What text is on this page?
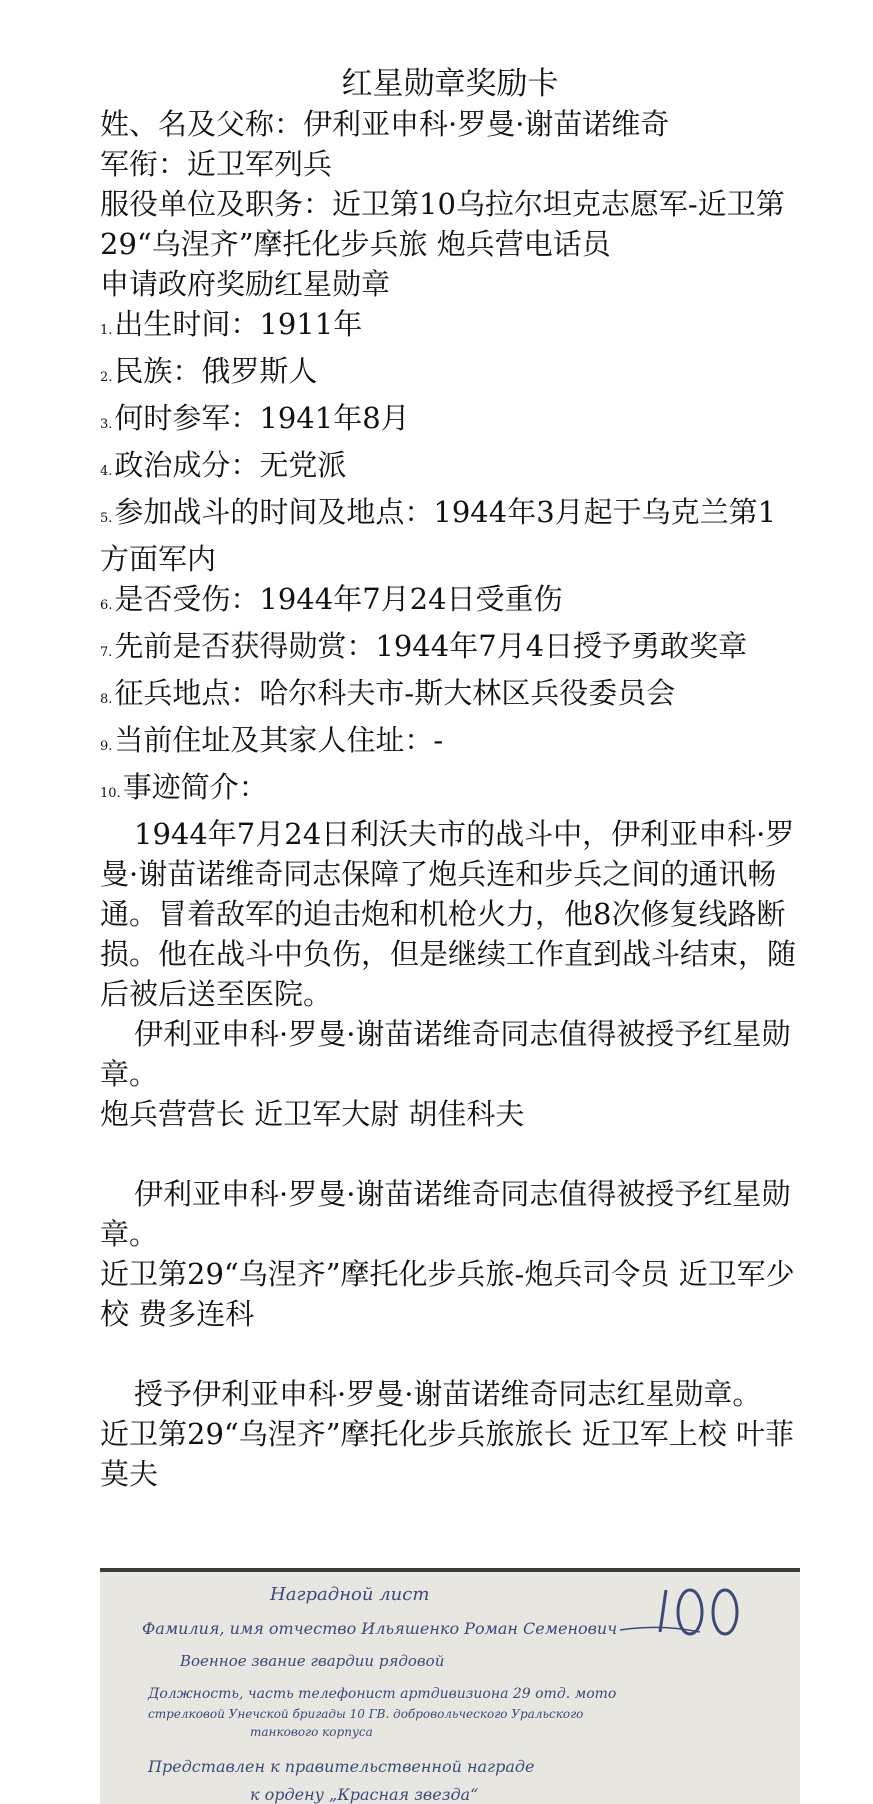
红星勋章奖励卡

姓、名及父称：伊利亚申科·罗曼·谢苗诺维奇

军衔：近卫军列兵

服役单位及职务：近卫第10乌拉尔坦克志愿军-近卫第29“乌涅齐”摩托化步兵旅 炮兵营电话员

申请政府奖励红星勋章

1.出生时间：1911年

2.民族：俄罗斯人

3.何时参军：1941年8月

4.政治成分：无党派

5.参加战斗的时间及地点：1944年3月起于乌克兰第1方面军内

6.是否受伤：1944年7月24日受重伤

7.先前是否获得勋赏：1944年7月4日授予勇敢奖章

8.征兵地点：哈尔科夫市-斯大林区兵役委员会

9.当前住址及其家人住址：-

10.事迹简介：

1944年7月24日利沃夫市的战斗中，伊利亚申科·罗曼·谢苗诺维奇同志保障了炮兵连和步兵之间的通讯畅通。冒着敌军的迫击炮和机枪火力，他8次修复线路断损。他在战斗中负伤，但是继续工作直到战斗结束，随后被后送至医院。

伊利亚申科·罗曼·谢苗诺维奇同志值得被授予红星勋章。

炮兵营营长 近卫军大尉 胡佳科夫

伊利亚申科·罗曼·谢苗诺维奇同志值得被授予红星勋章。

近卫第29“乌涅齐”摩托化步兵旅-炮兵司令员 近卫军少校 费多连科

授予伊利亚申科·罗曼·谢苗诺维奇同志红星勋章。

近卫第29“乌涅齐”摩托化步兵旅旅长 近卫军上校 叶菲莫夫

Наградной лист
Фамилия, имя отчество Ильяшенко Роман Семенович
Военное звание гвардии рядовой
Должность, часть телефонист артдивизиона 29 отд. мото
стрелковой Унечской бригады 10 ГВ. добровольческого Уральского
танкового корпуса
Представлен к правительственной награде
к ордену „Красная звезда“
